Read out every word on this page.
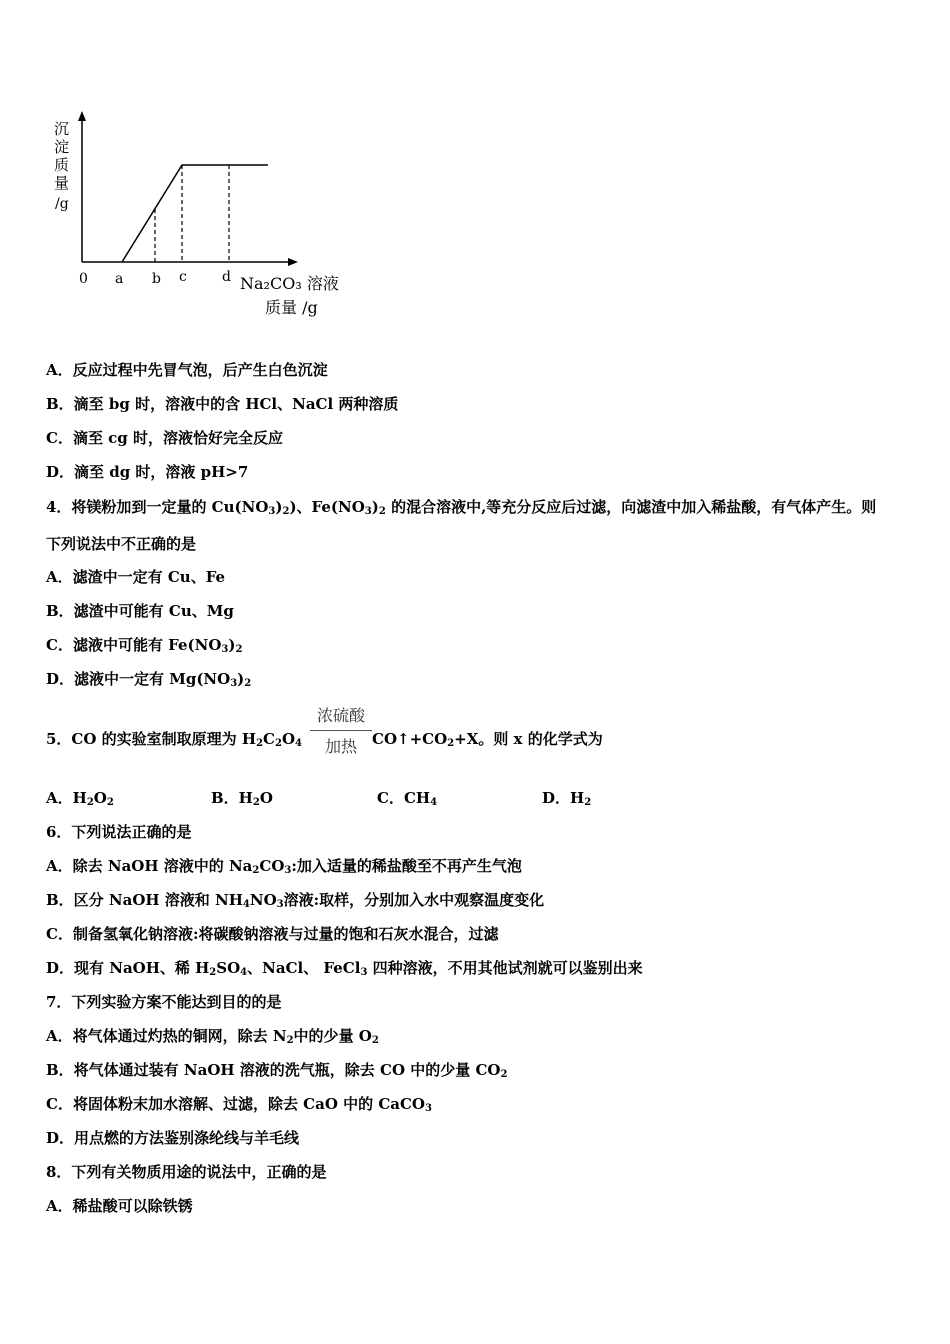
沉
淀
质
量
/g
0 a b c	d Na₂CO₃ 溶液
质量 /g
A．反应过程中先冒气泡，后产生白色沉淀
B．滴至 bg 时，溶液中的含 HCl、NaCl 两种溶质
C．滴至 cg 时，溶液恰好完全反应
D．滴至 dg 时，溶液 pH>7
4．将镁粉加到一定量的 $Cu(NO_3)_2$)、$Fe(NO_3)_2$ 的混合溶液中,等充分反应后过滤，向滤渣中加入稀盐酸，有气体产生。则
下列说法中不正确的是
A．滤渣中一定有 Cu、Fe
B．滤渣中可能有 Cu、Mg
C．滤液中可能有 $Fe(NO_3)_2$
D．滤液中一定有 $Mg(NO_3)_2$
5．CO 的实验室制取原理为 $H_2C_2O_4$
浓硫酸
加热	$CO↑+CO_2+X$。则 x 的化学式为
A．$H_2O_2$	B．$H_2O$	C．$CH_4$	D．$H_2$
6．下列说法正确的是
A．除去 NaOH 溶液中的 $Na_2CO_3$:加入适量的稀盐酸至不再产生气泡
B．区分 NaOH 溶液和 $NH_4NO_3$溶液:取样，分别加入水中观察温度变化
C．制备氢氧化钠溶液:将碳酸钠溶液与过量的饱和石灰水混合，过滤
D．现有 NaOH、稀 $H_2SO_4$、NaCl、 FeCl$_3$ 四种溶液，不用其他试剂就可以鉴别出来
7．下列实验方案不能达到目的的是
A．将气体通过灼热的铜网，除去 $N_2$中的少量 $O_2$
B．将气体通过装有 NaOH 溶液的洗气瓶，除去 CO 中的少量 $CO_2$
C．将固体粉末加水溶解、过滤，除去 CaO 中的 CaCO$_3$
D．用点燃的方法鉴别涤纶线与羊毛线
8．下列有关物质用途的说法中，正确的是
A．稀盐酸可以除铁锈
